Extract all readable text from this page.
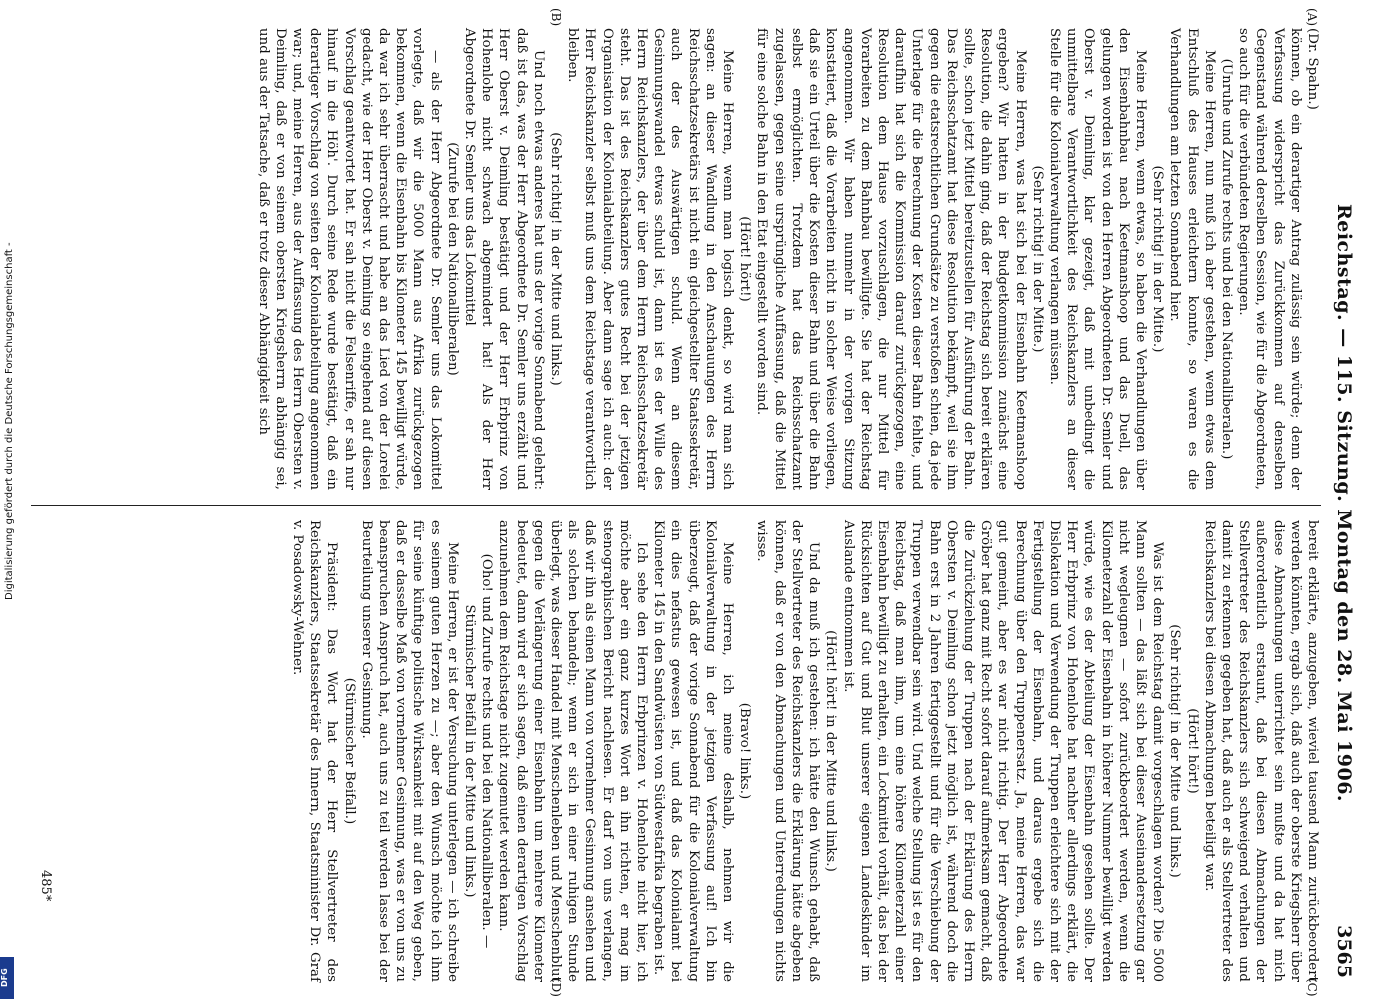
Reichstag. — 115. Sitzung. Montag den 28. Mai 1906.
3565
(A)
(B)
(C)
(D)

(Dr. Spahn.)

können, ob ein derartiger Antrag zulässig sein würde; denn der Verfassung widerspricht das Zurückkommen auf denselben Gegenstand während derselben Session, wie für die Abgeordneten, so auch für die verbündeten Regierungen.

(Unruhe und Zurufe rechts und bei den Nationalliberalen.)

Meine Herren, nun muß ich aber gestehen, wenn etwas dem Entschluß des Hauses erleichtern konnte, so waren es die Verhandlungen am letzten Sonnabend hier.

(Sehr richtig! in der Mitte.)

Meine Herren, wenn etwas, so haben die Verhandlungen über den Eisenbahnbau nach Keetmanshoop und das Duell, das gelungen worden ist von den Herren Abgeordneten Dr. Semler und Oberst v. Deimling, klar gezeigt, daß mit unbedingt die unmittelbare Verantwortlichkeit des Reichskanzlers an dieser Stelle für die Kolonialverwaltung verlangen müssen.

(Sehr richtig! in der Mitte.)

Meine Herren, was hat sich bei der Eisenbahn Keetmanshoop ergeben? Wir hatten in der Budgetkommission zunächst eine Resolution, die dahin ging, daß der Reichstag sich bereit erklären sollte, schon jetzt Mittel bereitzustellen für Ausführung der Bahn. Das Reichsschatzamt hat diese Resolution bekämpft, weil sie ihm gegen die etatsrechtlichen Grundsätze zu verstoßen schien, da jede Unterlage für die Berechnung der Kosten dieser Bahn fehlte, und daraufhin hat sich die Kommission darauf zurückgezogen, eine Resolution dem Hause vorzuschlagen, die nur Mittel für Vorarbeiten zu dem Bahnbau bewilligte. Sie hat der Reichstag angenommen. Wir haben nunmehr in der vorigen Sitzung konstatiert, daß die Vorarbeiten nicht in solcher Weise vorliegen, daß sie ein Urteil über die Kosten dieser Bahn und über die Bahn selbst ermöglichten. Trotzdem hat das Reichsschatzamt zugelassen, gegen seine ursprüngliche Auffassung, daß die Mittel für eine solche Bahn in den Etat eingestellt worden sind.

(Hört! hört!)

Meine Herren, wenn man logisch denkt, so wird man sich sagen: an dieser Wandlung in den Anschauungen des Herrn Reichsschatzsekretärs ist nicht ein gleichgestellter Staatssekretär, auch der des Auswärtigen schuld. Wenn an diesem Gesinnungswandel etwas schuld ist, dann ist es der Wille des Herrn Reichskanzlers, der über dem Herrn Reichsschatzsekretär steht. Das ist des Reichskanzlers gutes Recht bei der jetzigen Organisation der Kolonialabteilung. Aber dann sage ich auch: der Herr Reichskanzler selbst muß uns dem Reichstage verantwortlich bleiben.

(Sehr richtig! in der Mitte und links.)

Und noch etwas anderes hat uns der vorige Sonnabend gelehrt: daß ist das, was der Herr Abgeordnete Dr. Semler uns erzählt und Herr Oberst v. Deimling bestätigt und der Herr Erbprinz von Hohenlohe nicht schwach abgemindert hat! Als der Herr Abgeordnete Dr. Semler uns das Lokomittel

(Zurufe bei den Nationalliberalen)

— als der Herr Abgeordnete Dr. Semler uns das Lokomittel vorlegte, daß wir die 5000 Mann aus Afrika zurückgezogen bekommen, wenn die Eisenbahn bis Kilometer 145 bewilligt würde, da war ich sehr überrascht und habe an das Lied von der Lorelei gedacht, wie der Herr Oberst v. Deimling so eingehend auf diesen Vorschlag geantwortet hat. Er sah nicht die Felsenriffe, er sah nur hinauf in die Höh'. Durch seine Rede wurde bestätigt, daß ein derartiger Vorschlag von seiten der Kolonialabteilung angenommen war; und, meine Herren, aus der Auffassung des Herrn Obersten v. Deimling, daß er von seinem obersten Kriegsherrn abhängig sei, und aus der Tatsache, daß er trotz dieser Abhängigkeit sich

bereit erklärte, anzugeben, wieviel tausend Mann zurückbeordert werden könnten, ergab sich, daß auch der oberste Kriegsherr über diese Abmachungen unterrichtet sein mußte und da hat mich außerordentlich erstaunt, daß bei diesen Abmachungen der Stellvertreter des Reichskanzlers sich schweigend verhalten und damit zu erkennen gegeben hat, daß auch er als Stellvertreter des Reichskanzlers bei diesen Abmachungen beteiligt war.

(Hört! hört!)

(Sehr richtig! in der Mitte und links.)

Was ist dem Reichstag damit vorgeschlagen worden? Die 5000 Mann sollten — das läßt sich bei dieser Auseinandersetzung gar nicht wegleugnen — sofort zurückbeordert werden, wenn die Kilometerzahl der Eisenbahn in höherer Nummer bewilligt werden würde, wie es der Abteilung der Eisenbahn gesehen sollte. Der Herr Erbprinz von Hohenlohe hat nachher allerdings erklärt, die Dislokation und Verwendung der Truppen erleichtere sich mit der Fertigstellung der Eisenbahn, und daraus ergebe sich die Berechnung über den Truppenersatz. Ja, meine Herren, das war gut gemeint, aber es war nicht richtig. Der Herr Abgeordnete Gröber hat ganz mit Recht sofort darauf aufmerksam gemacht, daß die Zurückziehung der Truppen nach der Erklärung des Herrn Obersten v. Deimling schon jetzt möglich ist, während doch die Bahn erst in 2 Jahren fertiggestellt und für die Verschiebung der Truppen verwendbar sein wird. Und welche Stellung ist es für den Reichstag, daß man ihm, um eine höhere Kilometerzahl einer Eisenbahn bewilligt zu erhalten, ein Lockmittel vorhält, das bei der Rücksichten auf Gut und Blut unserer eigenen Landeskinder im Auslande entnommen ist.

(Hört! hört! in der Mitte und links.)

Und da muß ich gestehen: ich hätte den Wunsch gehabt, daß der Stellvertreter des Reichskanzlers die Erklärung hätte abgeben können, daß er von den Abmachungen und Unterredungen nichts wisse.

(Bravo! links.)

Meine Herren, ich meine deshalb, nehmen wir die Kolonialverwaltung in der jetzigen Verfassung auf! Ich bin überzeugt, daß der vorige Sonnabend für die Kolonialverwaltung ein dies nefastus gewesen ist, und daß das Kolonialamt bei Kilometer 145 in den Sandwüsten von Südwestafrika begraben ist.

Ich sehe den Herrn Erbprinzen v. Hohenlohe nicht hier, ich möchte aber ein ganz kurzes Wort an ihn richten, er mag im stenographischen Bericht nachlesen. Er darf von uns verlangen, daß wir ihn als einen Mann von vornehmer Gesinnung ansehen und als solchen behandeln; wenn er sich in einer ruhigen Stunde überlegt, was dieser Handel mit Menschenleben und Menschenblut gegen die Verlängerung einer Eisenbahn um mehrere Kilometer bedeutet, dann wird er sich sagen, daß einen derartigen Vorschlag anzunehmen dem Reichstage nicht zugemutet werden kann.

(Oho! und Zurufe rechts und bei den Nationalliberalen. — Stürmischer Beifall in der Mitte und links.)

Meine Herren, er ist der Versuchung unterlegen — ich schreibe es seinem guten Herzen zu —; aber den Wunsch möchte ich ihm für seine künftige politische Wirksamkeit mit auf den Weg geben, daß er dasselbe Maß von vornehmer Gesinnung, was er von uns zu beanspruchen Anspruch hat, auch uns zu teil werden lasse bei der Beurteilung unserer Gesinnung.

(Stürmischer Beifall.)

Präsident: Das Wort hat der Herr Stellvertreter des Reichskanzlers, Staatssekretär des Innern, Staatsminister Dr. Graf v. Posadowsky-Wehner.

485*
Digitalisierung gefördert durch die Deutsche Forschungsgemeinschaft -
DFG
